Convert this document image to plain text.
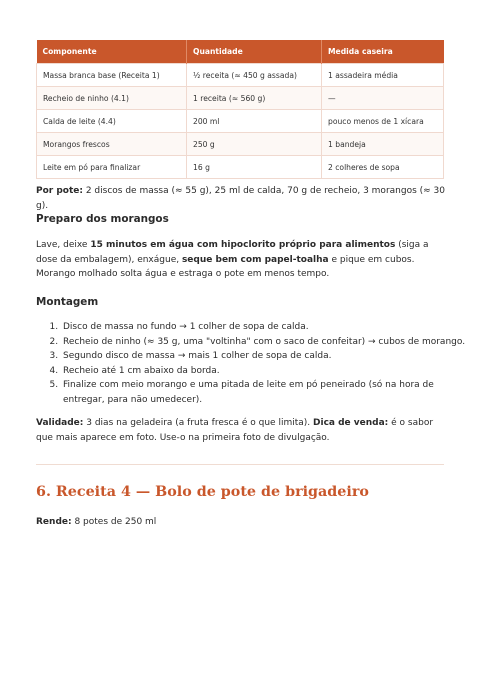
Componente	Quantidade	Medida caseira
Massa branca base (Receita 1)	½ receita (≈ 450 g assada)	1 assadeira média
Recheio de ninho (4.1)	1 receita (≈ 560 g)	—
Calda de leite (4.4)	200 ml	pouco menos de 1 xícara
Morangos frescos	250 g	1 bandeja
Leite em pó para finalizar	16 g	2 colheres de sopa

Por pote: 2 discos de massa (≈ 55 g), 25 ml de calda, 70 g de recheio, 3 morangos (≈ 30 g).

Preparo dos morangos

Lave, deixe 15 minutos em água com hipoclorito próprio para alimentos (siga a dose da embalagem), enxágue, seque bem com papel-toalha e pique em cubos. Morango molhado solta água e estraga o pote em menos tempo.

Montagem
1. Disco de massa no fundo → 1 colher de sopa de calda.
2. Recheio de ninho (≈ 35 g, uma "voltinha" com o saco de confeitar) → cubos de morango.
3. Segundo disco de massa → mais 1 colher de sopa de calda.
4. Recheio até 1 cm abaixo da borda.
5. Finalize com meio morango e uma pitada de leite em pó peneirado (só na hora de entregar, para não umedecer).

Validade: 3 dias na geladeira (a fruta fresca é o que limita). Dica de venda: é o sabor que mais aparece em foto. Use-o na primeira foto de divulgação.

6. Receita 4 — Bolo de pote de brigadeiro

Rende: 8 potes de 250 ml
